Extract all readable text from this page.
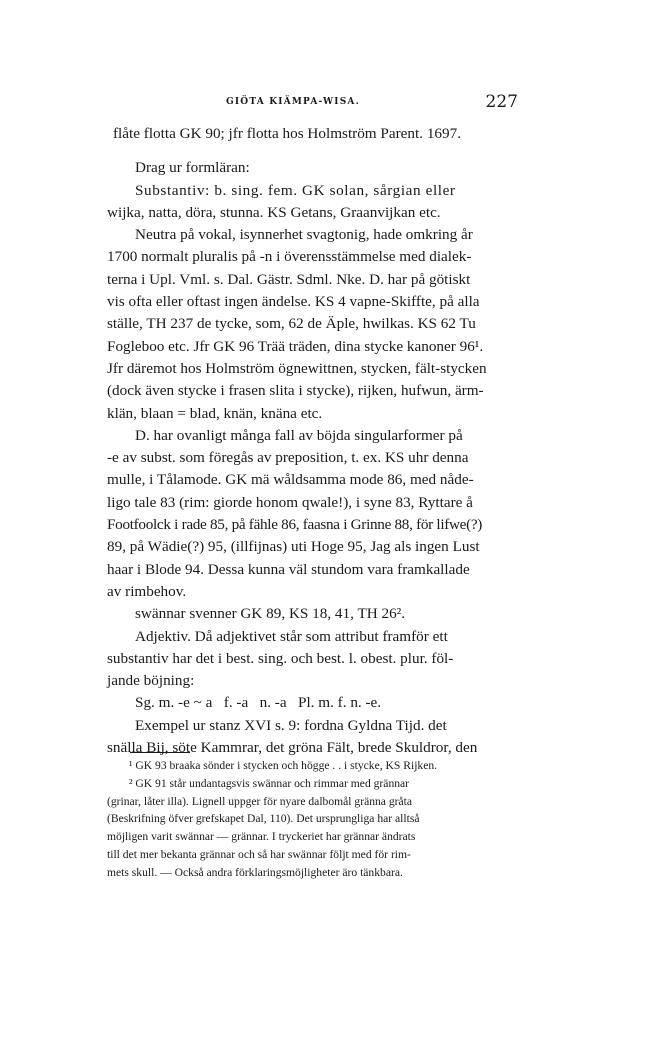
GIÖTA KIÄMPA-WISA.	227
flåte flotta GK 90; jfr flotta hos Holmström Parent. 1697.
Drag ur formläran:
Substantiv: b. sing. fem. GK solan, sårgian eller
wijka, natta, döra, stunna. KS Getans, Graanvijkan etc.
Neutra på vokal, isynnerhet svagtonig, hade omkring år
1700 normalt pluralis på -n i överensstämmelse med dialek-
terna i Upl. Vml. s. Dal. Gästr. Sdml. Nke. D. har på götiskt
vis ofta eller oftast ingen ändelse. KS 4 vapne-Skiffte, på alla
ställe, TH 237 de tycke, som, 62 de Äple, hwilkas. KS 62 Tu
Fogleboo etc. Jfr GK 96 Trää träden, dina stycke kanoner 96¹.
Jfr däremot hos Holmström ögnewittnen, stycken, fält-stycken
(dock även stycke i frasen slita i stycke), rijken, hufwun, ärm-
klän, blaan = blad, knän, knäna etc.
D. har ovanligt många fall av böjda singularformer på
-e av subst. som föregås av preposition, t. ex. KS uhr denna
mulle, i Tålamode. GK mä wåldsamma mode 86, med nåde-
ligo tale 83 (rim: giorde honom qwale!), i syne 83, Ryttare å
Footfoolck i rade 85, på fähle 86, faasna i Grinne 88, för lifwe(?)
89, på Wädie(?) 95, (illfijnas) uti Hoge 95, Jag als ingen Lust
haar i Blode 94. Dessa kunna väl stundom vara framkallade
av rimbehov.
swännar svenner GK 89, KS 18, 41, TH 26².
Adjektiv. Då adjektivet står som attribut framför ett
substantiv har det i best. sing. och best. l. obest. plur. föl-
jande böjning:
Sg. m. -e ~ a   f. -a   n. -a   Pl. m. f. n. -e.
Exempel ur stanz XVI s. 9: fordna Gyldna Tijd. det
snälla Bij, söte Kammrar, det gröna Fält, brede Skuldror, den
¹ GK 93 braaka sönder i stycken och högge . . i stycke, KS Rijken.
² GK 91 står undantagsvis swännar och rimmar med grännar
(grinar, låter illa). Lignell uppger för nyare dalbomål gränna gråta
(Beskrifning öfver grefskapet Dal, 110). Det ursprungliga har alltså
möjligen varit swännar — grännar. I tryckeriet har grännar ändrats
till det mer bekanta grännar och så har swännar följt med för rim-
mets skull. — Också andra förklaringsmöjligheter äro tänkbara.
